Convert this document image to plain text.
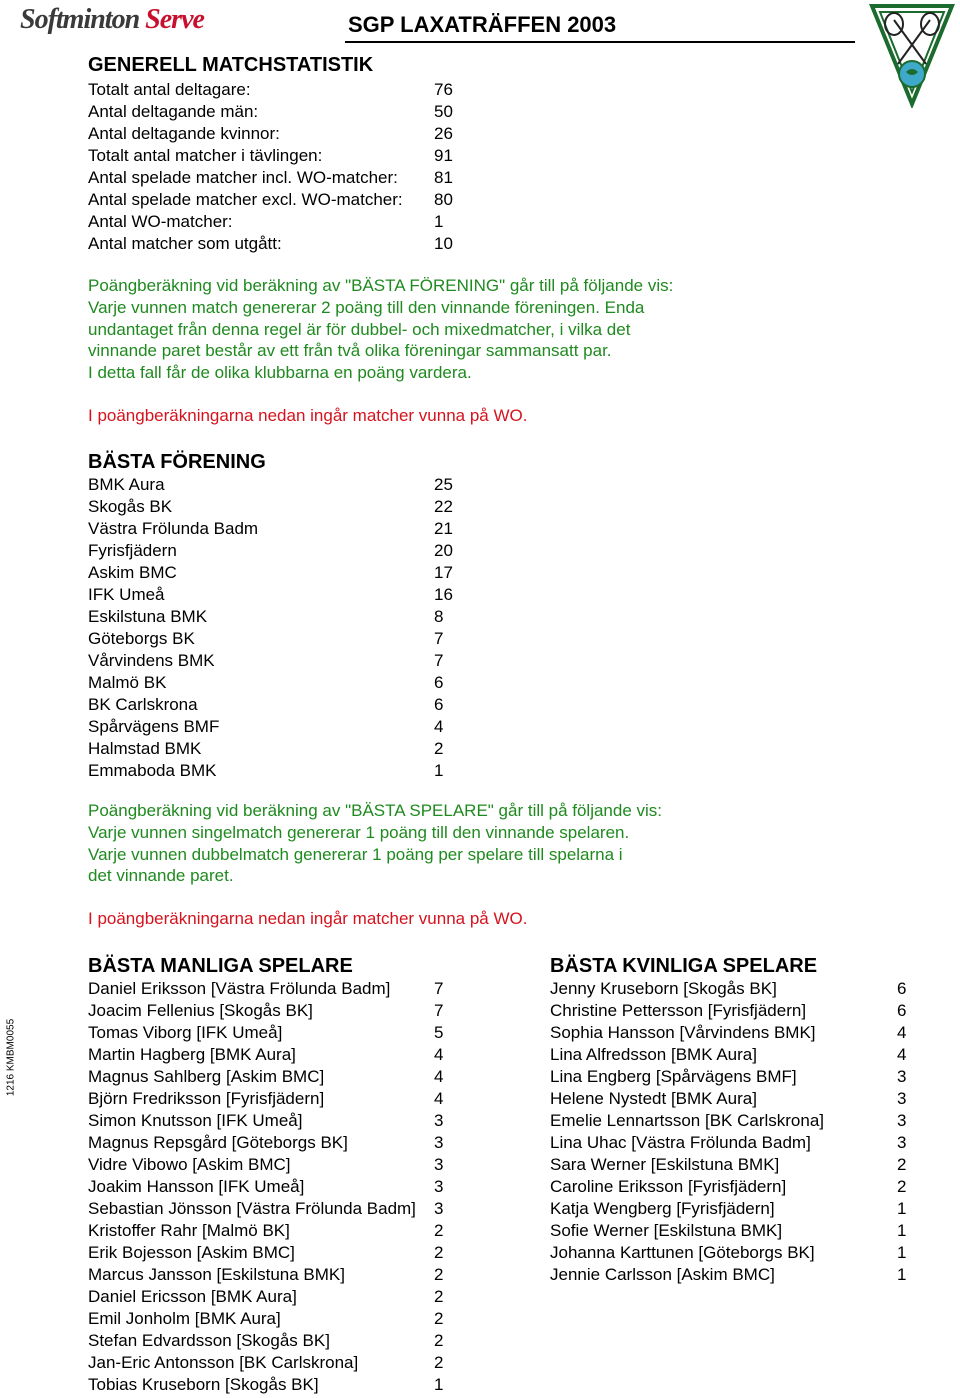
Softminton Serve	SGP LAXATRÄFFEN 2003
1216 KMBM0055
GENERELL MATCHSTATISTIK
Totalt antal deltagare:	76
Antal deltagande män:	50
Antal deltagande kvinnor:	26
Totalt antal matcher i tävlingen:	91
Antal spelade matcher incl. WO-matcher: 81
Antal spelade matcher excl. WO-matcher: 80
Antal WO-matcher:	1
Antal matcher som utgått:	10
Poängberäkning vid beräkning av "BÄSTA FÖRENING" går till på följande vis:
Varje vunnen match genererar 2 poäng till den vinnande föreningen. Enda
undantaget från denna regel är för dubbel- och mixedmatcher, i vilka det
vinnande paret består av ett från två olika föreningar sammansatt par.
I detta fall får de olika klubbarna en poäng vardera.
I poängberäkningarna nedan ingår matcher vunna på WO.
BÄSTA FÖRENING
BMK Aura	25
Skogås BK	22
Västra Frölunda Badm	21
Fyrisfjädern	20
Askim BMC	17
IFK Umeå	16
Eskilstuna BMK	8
Göteborgs BK	7
Vårvindens BMK	7
Malmö BK	6
BK Carlskrona	6
Spårvägens BMF	4
Halmstad BMK	2
Emmaboda BMK	1
Poängberäkning vid beräkning av "BÄSTA SPELARE" går till på följande vis:
Varje vunnen singelmatch genererar 1 poäng till den vinnande spelaren.
Varje vunnen dubbelmatch genererar 1 poäng per spelare till spelarna i
det vinnande paret.
I poängberäkningarna nedan ingår matcher vunna på WO.
BÄSTA MANLIGA SPELARE
Daniel Eriksson [Västra Frölunda Badm]	7
Joacim Fellenius [Skogås BK]	7
Tomas Viborg [IFK Umeå]	5
Martin Hagberg [BMK Aura]	4
Magnus Sahlberg [Askim BMC]	4
Björn Fredriksson [Fyrisfjädern]	4
Simon Knutsson [IFK Umeå]	3
Magnus Repsgård [Göteborgs BK]	3
Vidre Vibowo [Askim BMC]	3
Joakim Hansson [IFK Umeå]	3
Sebastian Jönsson [Västra Frölunda Badm] 3
Kristoffer Rahr [Malmö BK]	2
Erik Bojesson [Askim BMC]	2
Marcus Jansson [Eskilstuna BMK]	2
Daniel Ericsson [BMK Aura]	2
Emil Jonholm [BMK Aura]	2
Stefan Edvardsson [Skogås BK]	2
Jan-Eric Antonsson [BK Carlskrona]	2
Tobias Kruseborn [Skogås BK]	1
BÄSTA KVINLIGA SPELARE
Jenny Kruseborn [Skogås BK]	6
Christine Pettersson [Fyrisfjädern]	6
Sophia Hansson [Vårvindens BMK]	4
Lina Alfredsson [BMK Aura]	4
Lina Engberg [Spårvägens BMF]	3
Helene Nystedt [BMK Aura]	3
Emelie Lennartsson [BK Carlskrona]	3
Lina Uhac [Västra Frölunda Badm]	3
Sara Werner [Eskilstuna BMK]	2
Caroline Eriksson [Fyrisfjädern]	2
Katja Wengberg [Fyrisfjädern]	1
Sofie Werner [Eskilstuna BMK]	1
Johanna Karttunen [Göteborgs BK]	1
Jennie Carlsson [Askim BMC]	1
